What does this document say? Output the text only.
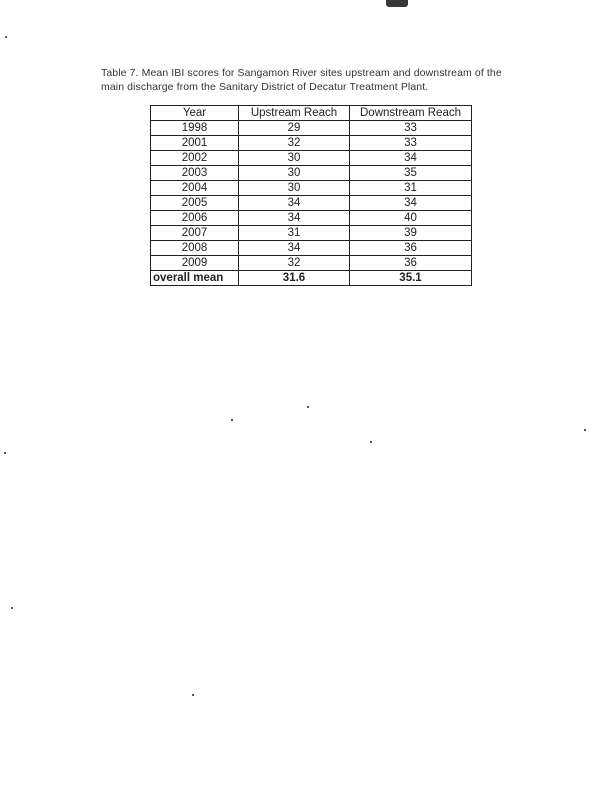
Table 7. Mean IBI scores for Sangamon River sites upstream and downstream of the
main discharge from the Sanitary District of Decatur Treatment Plant.
Year	Upstream Reach	Downstream Reach
1998	29	33
2001	32	33
2002	30	34
2003	30	35
2004	30	31
2005	34	34
2006	34	40
2007	31	39
2008	34	36
2009	32	36
overall mean	31.6	35.1
